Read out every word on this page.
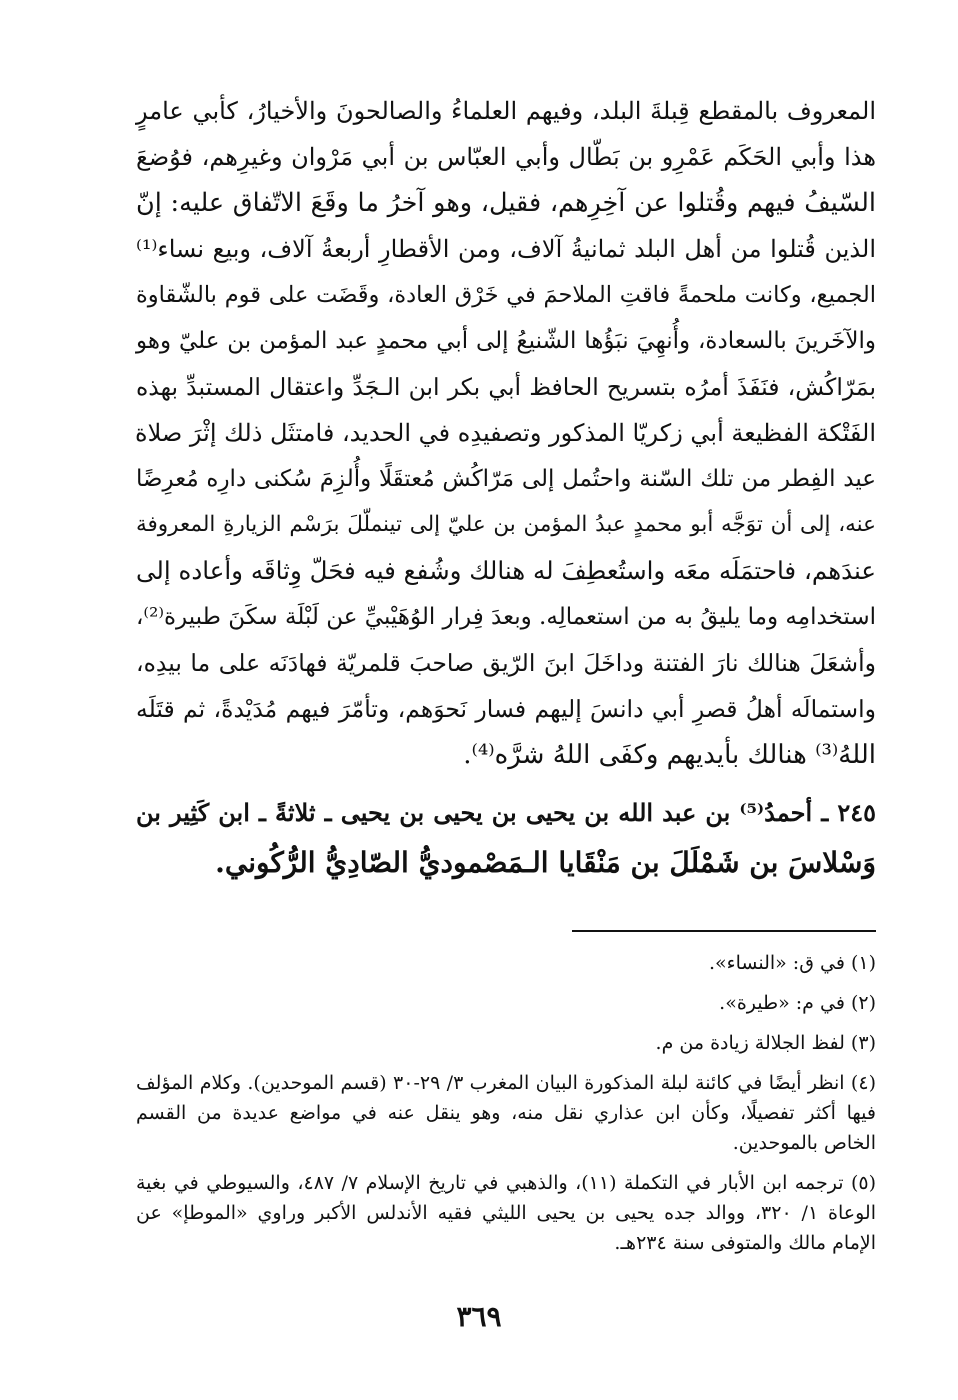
المعروف بالمقطع قِبلةَ البلد، وفيهم العلماءُ والصالحونَ والأخيارُ، كأبي عامرٍ

هذا وأبي الحَكَم عَمْرِو بن بَطّال وأبي العبّاس بن أبي مَرْوان وغيرِهم، فوُضعَ

السّيفُ فيهم وقُتلوا عن آخِرِهم، فقيل، وهو آخرُ ما وقَعَ الاتّفاق عليه: إنّ

الذين قُتلوا من أهل البلد ثمانيةُ آلاف، ومن الأقطارِ أربعةُ آلاف، وبيع نساء⁽¹⁾

الجميع، وكانت ملحمةً فاقتِ الملاحمَ في خَرْق العادة، وقَضَت على قوم بالشّقاوة

والآخَرينَ بالسعادة، وأُنهِيَ نبَؤُها الشّنيعُ إلى أبي محمدٍ عبد المؤمن بن عليّ وهو

بمَرّاكُش، فنَفَذَ أمرُه بتسريح الحافظ أبي بكر ابن الـجَدِّ واعتقال المستبدِّ بهذه

الفَتْكة الفظيعة أبي زكريّا المذكور وتصفيدِه في الحديد، فامتثَل ذلك إثْرَ صلاة

عيد الفِطر من تلك السّنة واحتُمل إلى مَرّاكُش مُعتقَلًا وأُلزِمَ سُكنى دارِه مُعرِضًا

عنه، إلى أن توَجَّه أبو محمدٍ عبدُ المؤمن بن عليّ إلى تينملّلَ برَسْم الزيارةِ المعروفة

عندَهم، فاحتمَلَه معَه واستُعطِفَ له هنالك وشُفع فيه فحَلّ وِثاقَه وأعاده إلى

استخدامِه وما يليقُ به من استعمالِه. وبعدَ فِرار الوُهَيْبيِّ عن لَبْلَة سكَنَ طبيرة⁽²⁾،

وأشعَلَ هنالك نارَ الفتنة وداخَلَ ابنَ الرّيق صاحبَ قلمريّة فهادَنَه على ما بيدِه،

واستمالَه أهلُ قصرِ أبي دانسَ إليهم فسار نَحوَهم، وتأمّرَ فيهم مُدَيْدةً، ثم قتَلَه

اللهُ⁽³⁾ هنالك بأيديهم وكفَى اللهُ شرَّه⁽⁴⁾.

٢٤٥ ـ أحمدُ⁽⁵⁾ بن عبد الله بن يحيى بن يحيى بن يحيى ـ ثلاثةً ـ ابن كَثِير بن

وَسْلاسَ بن شَمْلَلَ بن مَنْقَايا الـمَصْموديُّ الصّادِيُّ الرُّكُوني.

(١) في ق: «النساء».

(٢) في م: «طيرة».

(٣) لفظ الجلالة زيادة من م.

(٤) انظر أيضًا في كائنة لبلة المذكورة البيان المغرب ٣/ ٢٩-٣٠ (قسم الموحدين). وكلام المؤلف

فيها أكثر تفصيلًا، وكأن ابن عذاري نقل منه، وهو ينقل عنه في مواضع عديدة من القسم

الخاص بالموحدين.

(٥) ترجمه ابن الأبار في التكملة (١١)، والذهبي في تاريخ الإسلام ٧/ ٤٨٧، والسيوطي في بغية

الوعاة ١/ ٣٢٠، ووالد جده يحيى بن يحيى الليثي فقيه الأندلس الأكبر وراوي «الموطإ» عن

الإمام مالك والمتوفى سنة ٢٣٤هـ.

٣٦٩
